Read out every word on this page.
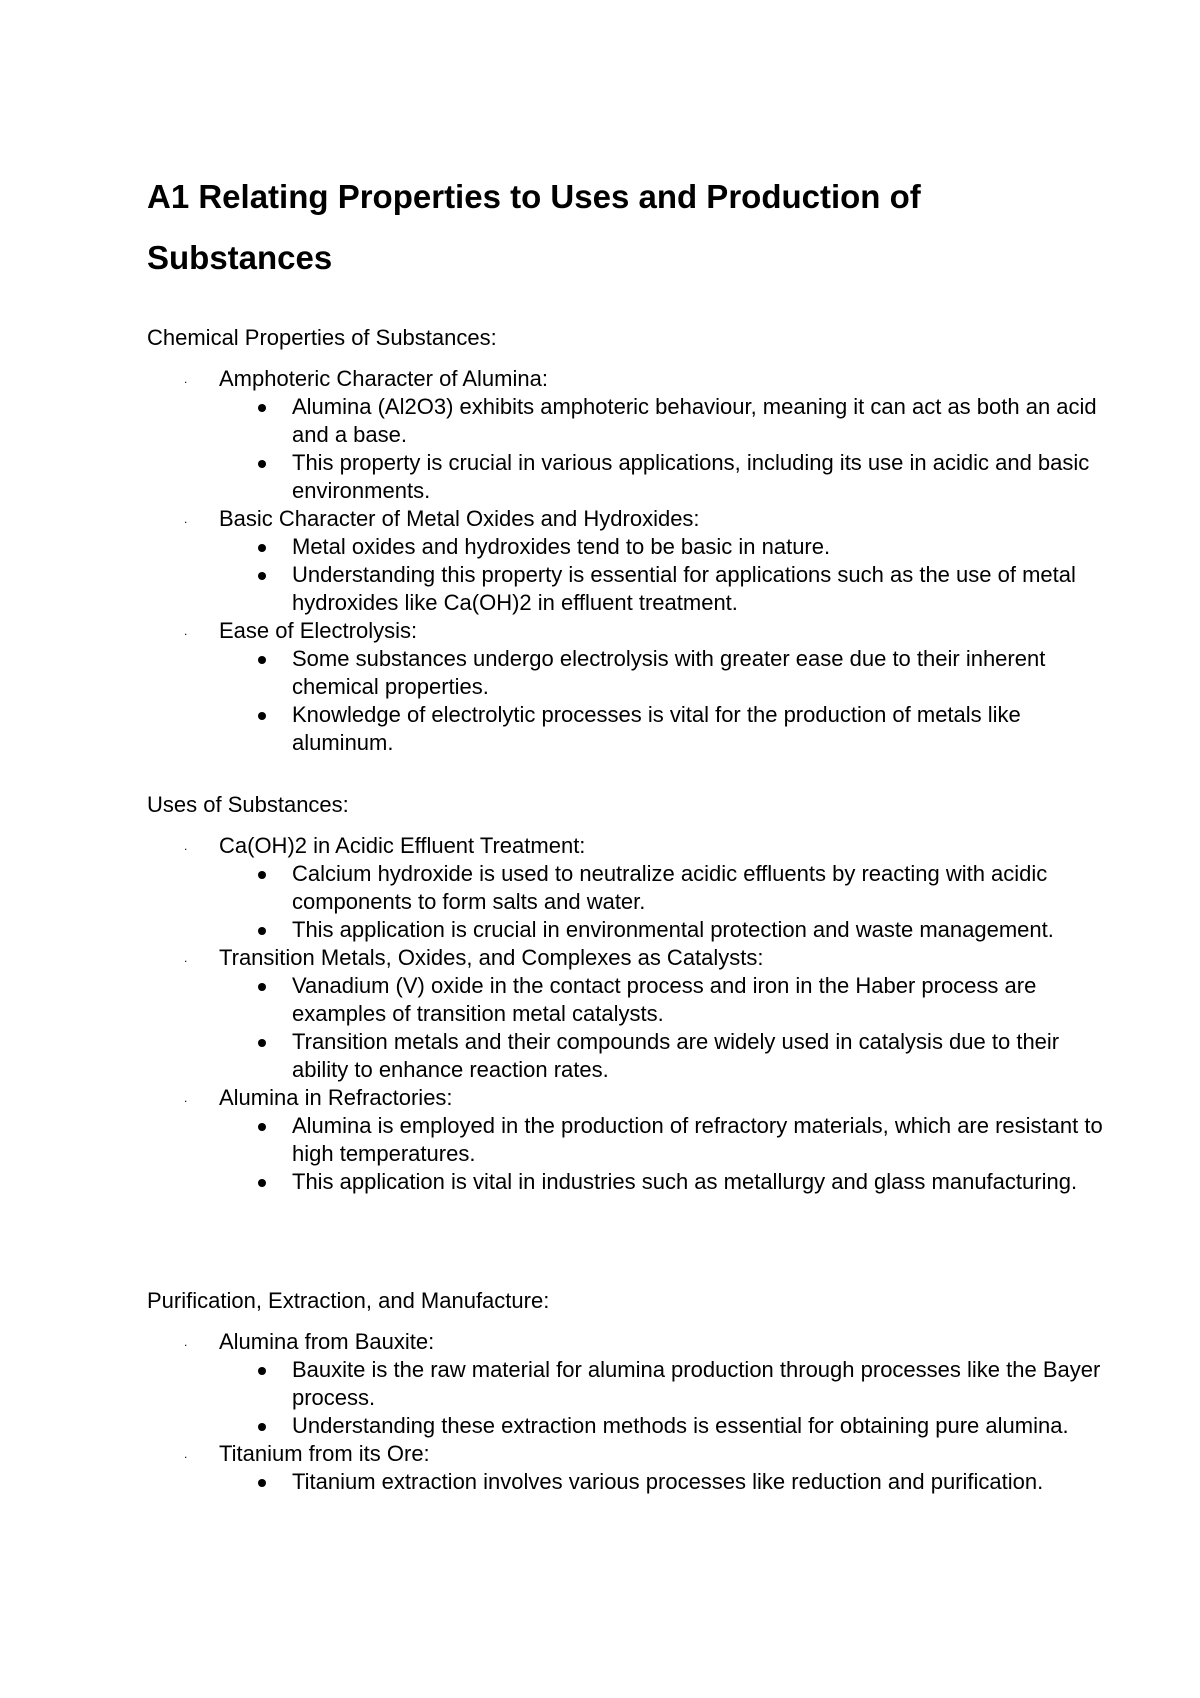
A1 Relating Properties to Uses and Production of Substances

Chemical Properties of Substances:

.	Amphoteric Character of Alumina:

Alumina (Al2O3) exhibits amphoteric behaviour, meaning it can act as both an acid and a base.
This property is crucial in various applications, including its use in acidic and basic environments.
.	Basic Character of Metal Oxides and Hydroxides:

Metal oxides and hydroxides tend to be basic in nature.
Understanding this property is essential for applications such as the use of metal hydroxides like Ca(OH)2 in effluent treatment.
.	Ease of Electrolysis:

Some substances undergo electrolysis with greater ease due to their inherent chemical properties.
Knowledge of electrolytic processes is vital for the production of metals like aluminum.

Uses of Substances:

.	Ca(OH)2 in Acidic Effluent Treatment:

Calcium hydroxide is used to neutralize acidic effluents by reacting with acidic components to form salts and water.
This application is crucial in environmental protection and waste management.
.	Transition Metals, Oxides, and Complexes as Catalysts:

Vanadium (V) oxide in the contact process and iron in the Haber process are examples of transition metal catalysts.
Transition metals and their compounds are widely used in catalysis due to their ability to enhance reaction rates.
.	Alumina in Refractories:

Alumina is employed in the production of refractory materials, which are resistant to high temperatures.
This application is vital in industries such as metallurgy and glass manufacturing.

Purification, Extraction, and Manufacture:

.	Alumina from Bauxite:

Bauxite is the raw material for alumina production through processes like the Bayer process.
Understanding these extraction methods is essential for obtaining pure alumina.
.	Titanium from its Ore:

Titanium extraction involves various processes like reduction and purification.
